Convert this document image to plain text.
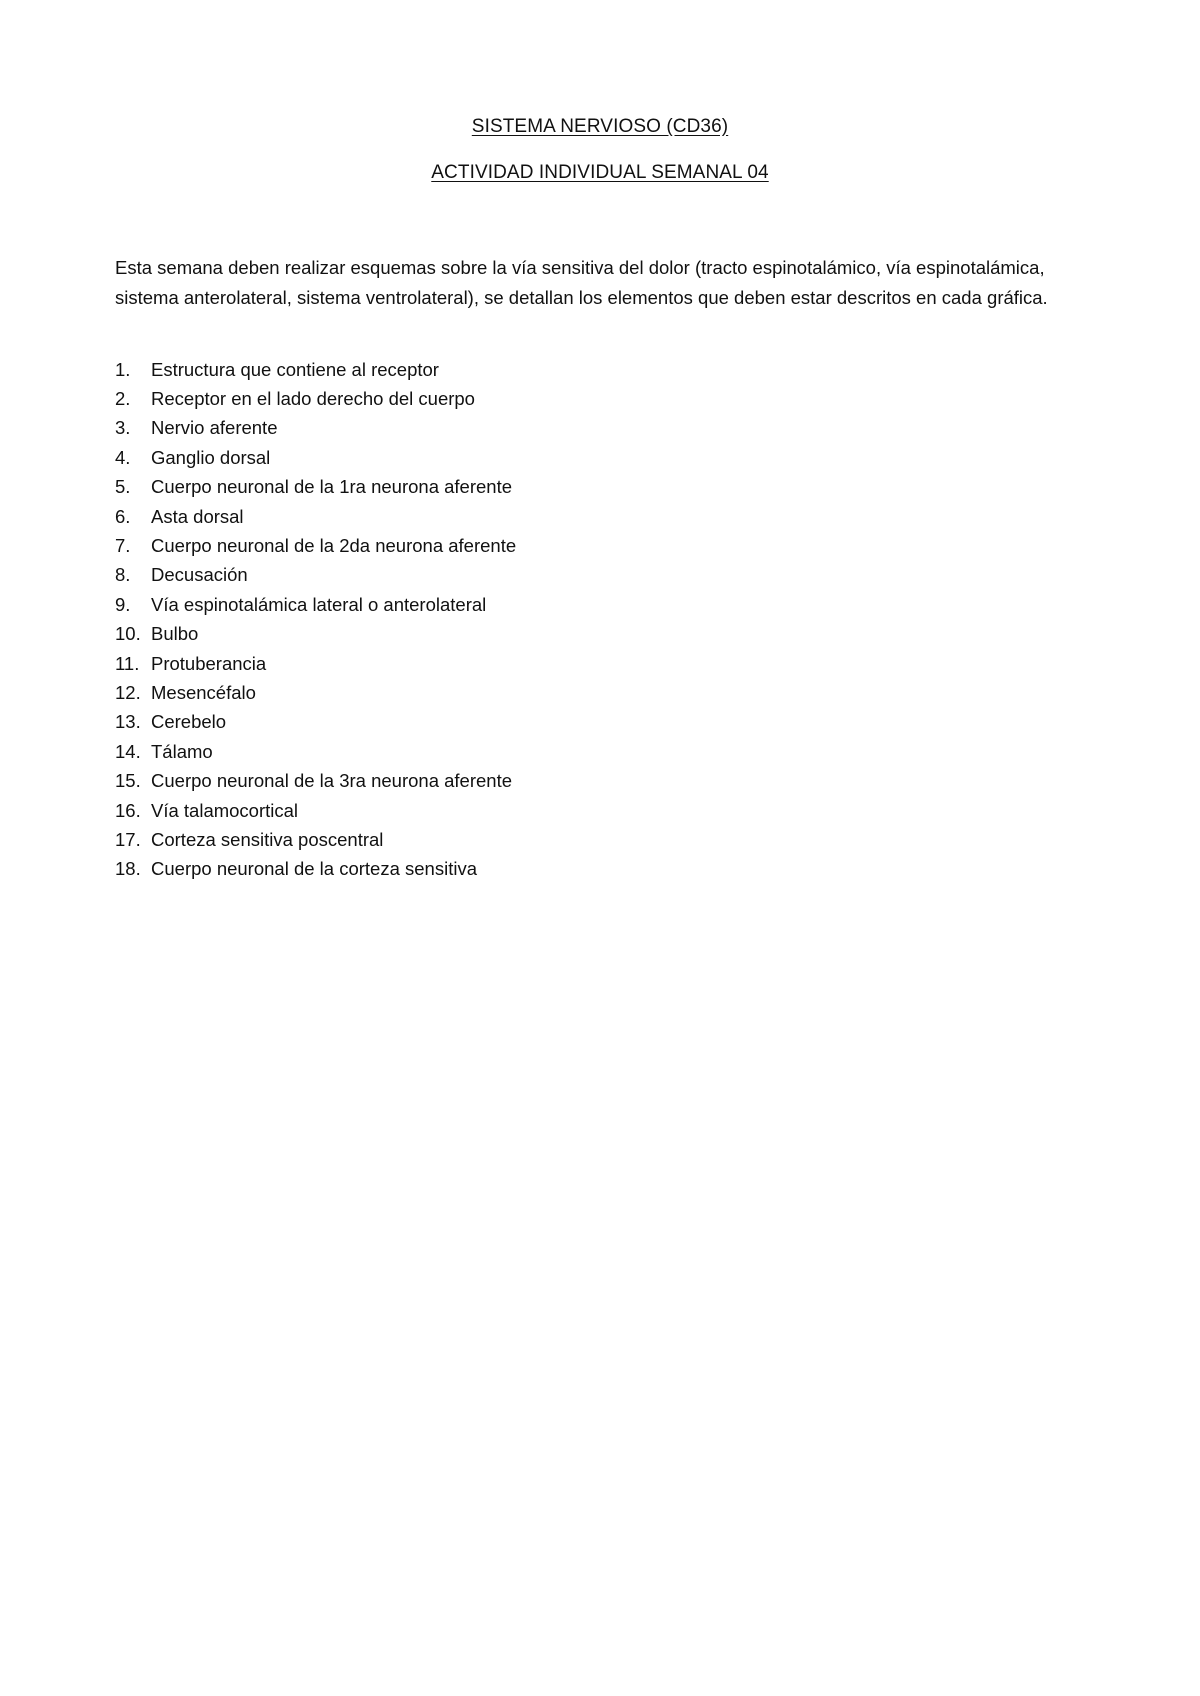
SISTEMA NERVIOSO (CD36)
ACTIVIDAD INDIVIDUAL SEMANAL 04

Esta semana deben realizar esquemas sobre la vía sensitiva del dolor (tracto espinotalámico, vía espinotalámica, sistema anterolateral, sistema ventrolateral), se detallan los elementos que deben estar descritos en cada gráfica.

1.	Estructura que contiene al receptor
2.	Receptor en el lado derecho del cuerpo
3.	Nervio aferente
4.	Ganglio dorsal
5.	Cuerpo neuronal de la 1ra neurona aferente
6.	Asta dorsal
7.	Cuerpo neuronal de la 2da neurona aferente
8.	Decusación
9.	Vía espinotalámica lateral o anterolateral
10. Bulbo
11. Protuberancia
12. Mesencéfalo
13. Cerebelo
14. Tálamo
15. Cuerpo neuronal de la 3ra neurona aferente
16. Vía talamocortical
17. Corteza sensitiva poscentral
18. Cuerpo neuronal de la corteza sensitiva
